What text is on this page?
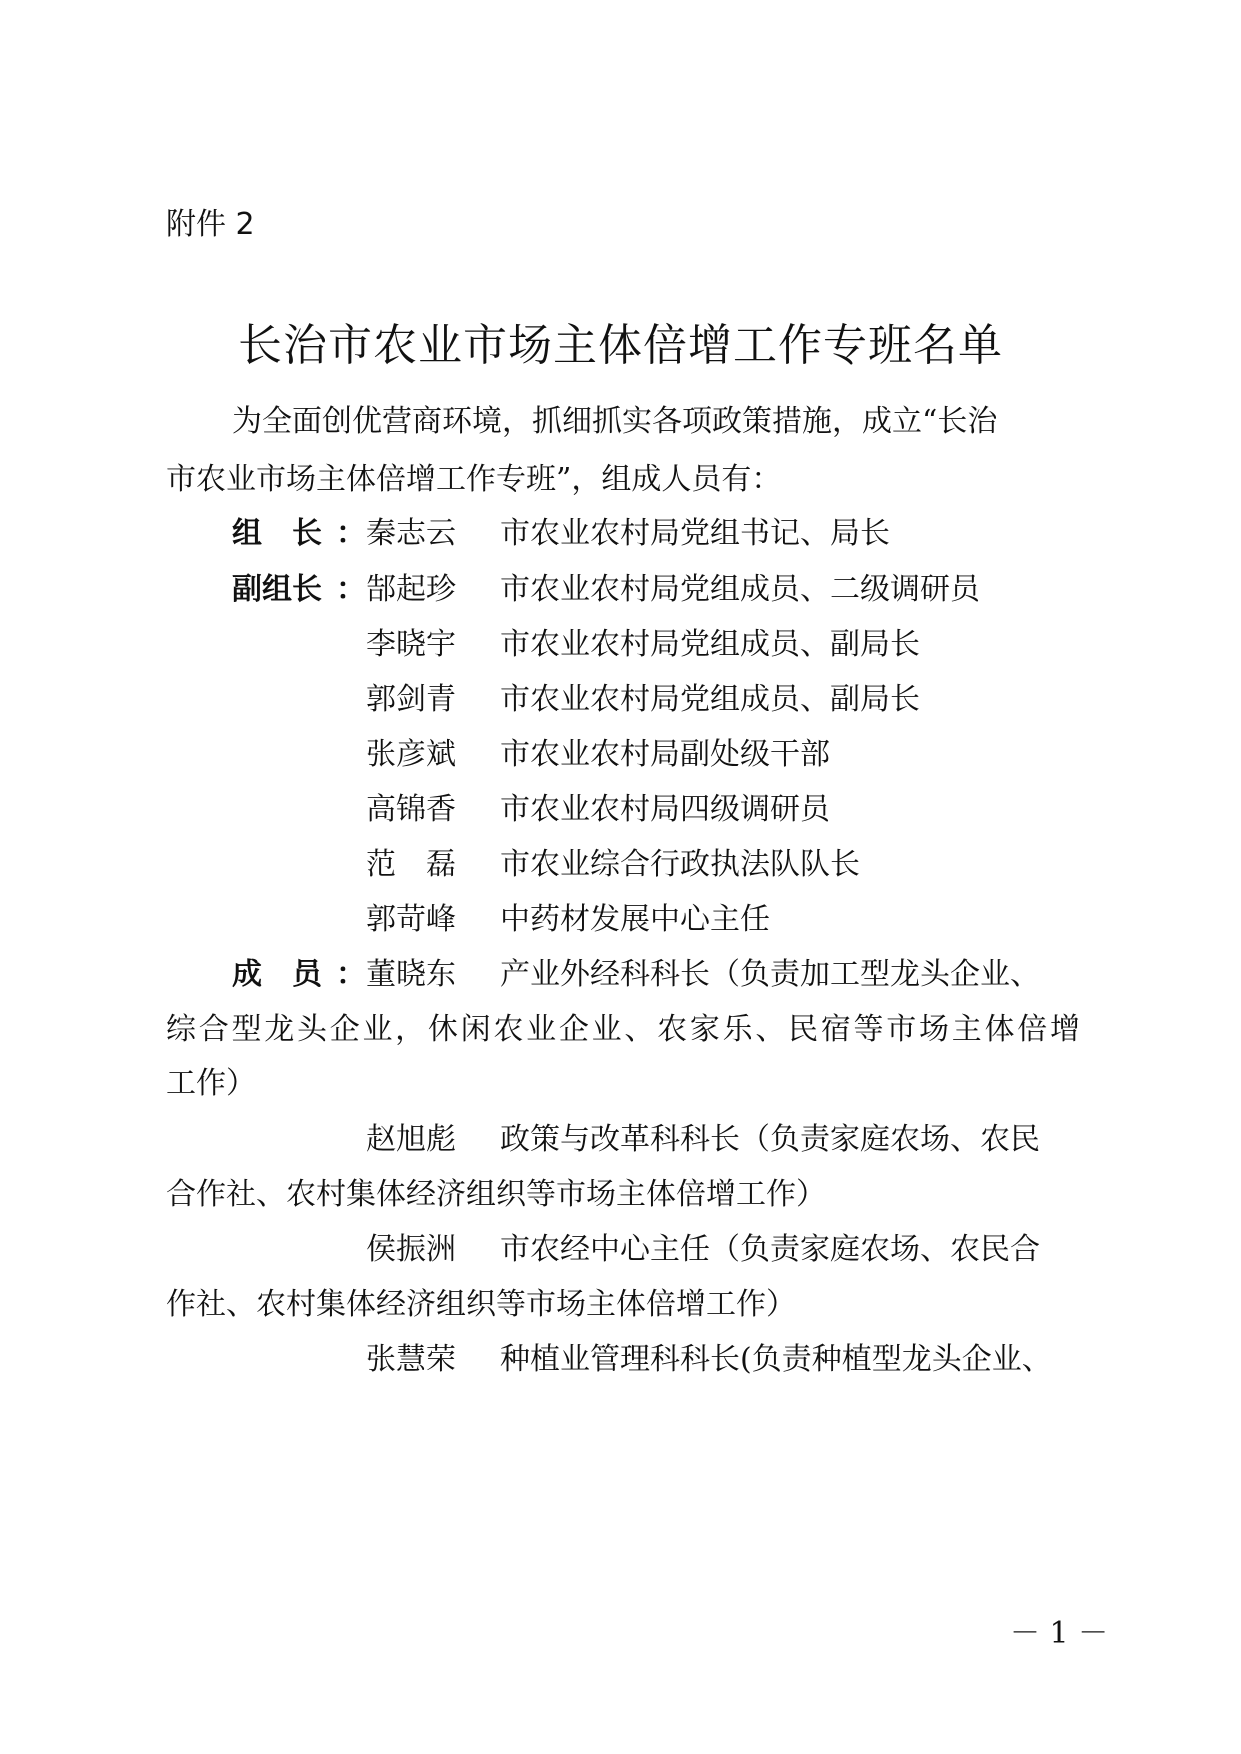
附件 2
长治市农业市场主体倍增工作专班名单
为全面创优营商环境，抓细抓实各项政策措施，成立“长治
市农业市场主体倍增工作专班”，组成人员有：
组　长 ： 秦志云 市农业农村局党组书记、局长
副组长 ： 郜起珍 市农业农村局党组成员、二级调研员
李晓宇 市农业农村局党组成员、副局长
郭剑青 市农业农村局党组成员、副局长
张彦斌 市农业农村局副处级干部
高锦香 市农业农村局四级调研员
范　磊 市农业综合行政执法队队长
郭苛峰 中药材发展中心主任
成　员 ： 董晓东 产业外经科科长（负责加工型龙头企业、
综合型龙头企业，休闲农业企业、农家乐、民宿等市场主体倍增
工作）
赵旭彪 政策与改革科科长（负责家庭农场、农民
合作社、农村集体经济组织等市场主体倍增工作）
侯振洲 市农经中心主任（负责家庭农场、农民合
作社、农村集体经济组织等市场主体倍增工作）
张慧荣 种植业管理科科长(负责种植型龙头企业、
－ 1 －
